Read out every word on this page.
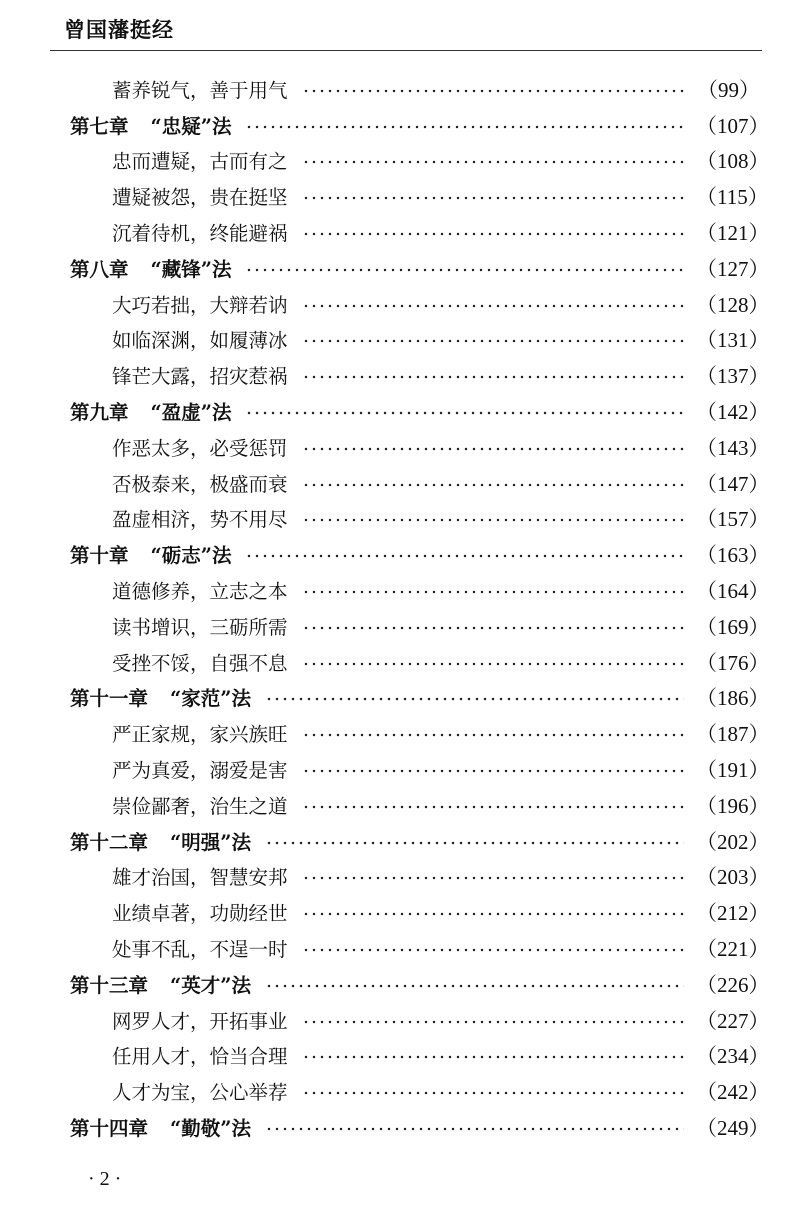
曾国藩挺经
蓄养锐气，善于用气	（99）
第七章 “忠疑”法	（107）
忠而遭疑，古而有之	（108）
遭疑被怨，贵在挺坚	（115）
沉着待机，终能避祸	（121）
第八章 “藏锋”法	（127）
大巧若拙，大辩若讷	（128）
如临深渊，如履薄冰	（131）
锋芒大露，招灾惹祸	（137）
第九章 “盈虚”法	（142）
作恶太多，必受惩罚	（143）
否极泰来，极盛而衰	（147）
盈虚相济，势不用尽	（157）
第十章 “砺志”法	（163）
道德修养，立志之本	（164）
读书增识，三砺所需	（169）
受挫不馁，自强不息	（176）
第十一章 “家范”法	（186）
严正家规，家兴族旺	（187）
严为真爱，溺爱是害	（191）
崇俭鄙奢，治生之道	（196）
第十二章 “明强”法	（202）
雄才治国，智慧安邦	（203）
业绩卓著，功勋经世	（212）
处事不乱，不逞一时	（221）
第十三章 “英才”法	（226）
网罗人才，开拓事业	（227）
任用人才，恰当合理	（234）
人才为宝，公心举荐	（242）
第十四章 “勤敬”法	（249）
· 2 ·
